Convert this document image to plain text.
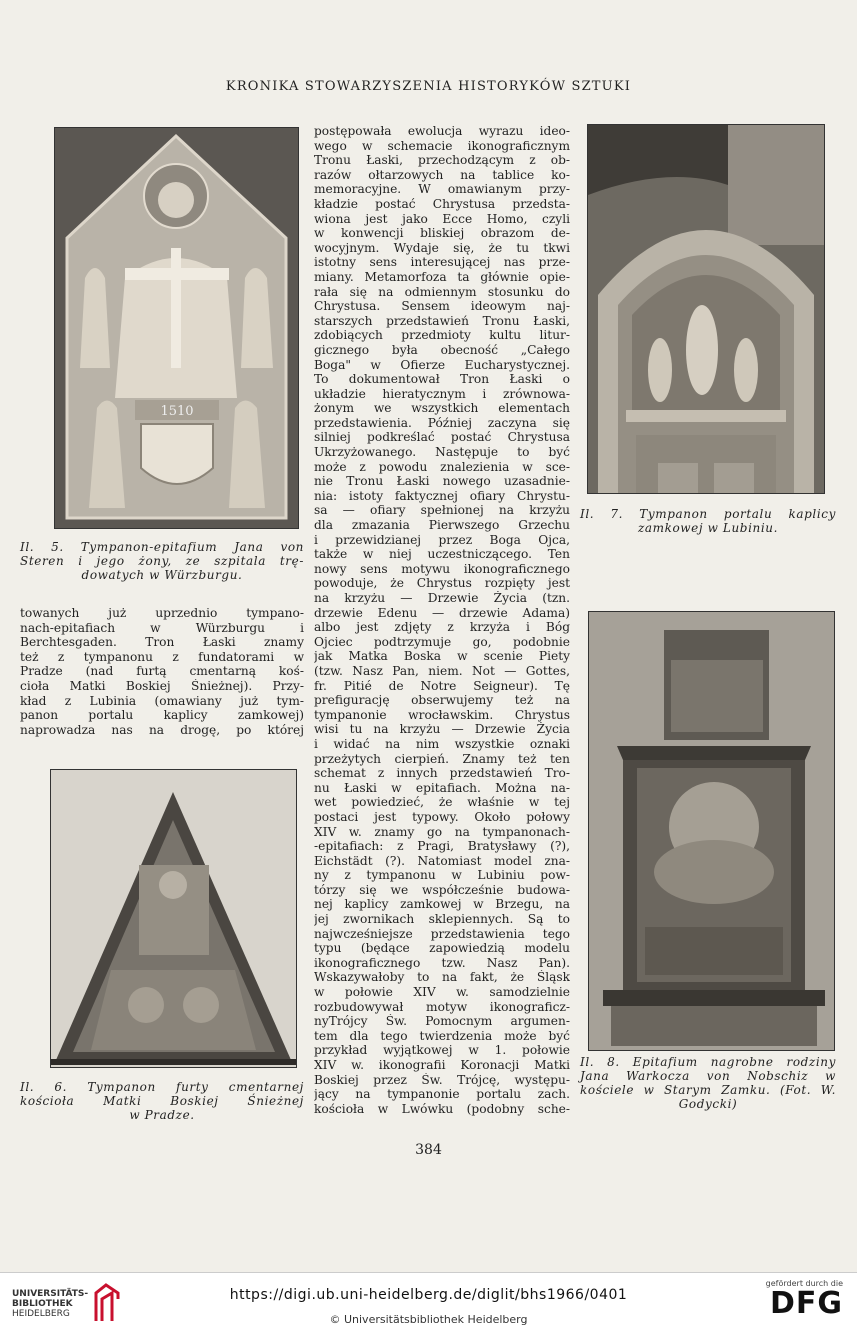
KRONIKA STOWARZYSZENIA HISTORYKÓW SZTUKI
1510
Il. 5. Tympanon-epitafium Jana von
Steren i jego żony, ze szpitala trę-
dowatych w Würzburgu.
towanych już uprzednio tympano-
nach-epitafiach w Würzburgu i
Berchtesgaden. Tron Łaski znamy
też z tympanonu z fundatorami w
Pradze (nad furtą cmentarną koś-
cioła Matki Boskiej Śnieżnej). Przy-
kład z Lubinia (omawiany już tym-
panon portalu kaplicy zamkowej)
naprowadza nas na drogę, po której
Il. 6. Tympanon furty cmentarnej
kościoła Matki Boskiej Śnieżnej
w Pradze.
postępowała ewolucja wyrazu ideo-
wego w schemacie ikonograficznym
Tronu Łaski, przechodzącym z ob-
razów ołtarzowych na tablice ko-
memoracyjne. W omawianym przy-
kładzie postać Chrystusa przedsta-
wiona jest jako Ecce Homo, czyli
w konwencji bliskiej obrazom de-
wocyjnym. Wydaje się, że tu tkwi
istotny sens interesującej nas prze-
miany. Metamorfoza ta głównie opie-
rała się na odmiennym stosunku do
Chrystusa. Sensem ideowym naj-
starszych przedstawień Tronu Łaski,
zdobiących przedmioty kultu litur-
gicznego była obecność „Całego
Boga" w Ofierze Eucharystycznej.
To dokumentował Tron Łaski o
układzie hieratycznym i zrównowa-
żonym we wszystkich elementach
przedstawienia. Później zaczyna się
silniej podkreślać postać Chrystusa
Ukrzyżowanego. Następuje to być
może z powodu znalezienia w sce-
nie Tronu Łaski nowego uzasadnie-
nia: istoty faktycznej ofiary Chrystu-
sa — ofiary spełnionej na krzyżu
dla zmazania Pierwszego Grzechu
i przewidzianej przez Boga Ojca,
także w niej uczestniczącego. Ten
nowy sens motywu ikonograficznego
powoduje, że Chrystus rozpięty jest
na krzyżu — Drzewie Życia (tzn.
drzewie Edenu — drzewie Adama)
albo jest zdjęty z krzyża i Bóg
Ojciec podtrzymuje go, podobnie
jak Matka Boska w scenie Piety
(tzw. Nasz Pan, niem. Not — Gottes,
fr. Pitié de Notre Seigneur). Tę
prefigurację obserwujemy też na
tympanonie wrocławskim. Chrystus
wisi tu na krzyżu — Drzewie Życia
i widać na nim wszystkie oznaki
przeżytych cierpień. Znamy też ten
schemat z innych przedstawień Tro-
nu Łaski w epitafiach. Można na-
wet powiedzieć, że właśnie w tej
postaci jest typowy. Około połowy
XIV w. znamy go na tympanonach-
-epitafiach: z Pragi, Bratysławy (?),
Eichstädt (?). Natomiast model zna-
ny z tympanonu w Lubiniu pow-
tórzy się we współcześnie budowa-
nej kaplicy zamkowej w Brzegu, na
jej zwornikach sklepiennych. Są to
najwcześniejsze przedstawienia tego
typu (będące zapowiedzią modelu
ikonograficznego tzw. Nasz Pan).
Wskazywałoby to na fakt, że Śląsk
w połowie XIV w. samodzielnie
rozbudowywał motyw ikonograficz-
nyTrójcy Św. Pomocnym argumen-
tem dla tego twierdzenia może być
przykład wyjątkowej w 1. połowie
XIV w. ikonografii Koronacji Matki
Boskiej przez Św. Trójcę, występu-
jący na tympanonie portalu zach.
kościoła w Lwówku (podobny sche-
Il. 7. Tympanon portalu kaplicy
zamkowej w Lubiniu.
Il. 8. Epitafium nagrobne rodziny
Jana Warkocza von Nobschiz w
kościele w Starym Zamku. (Fot. W.
Godycki)
384
UNIVERSITÄTS-
BIBLIOTHEK
HEIDELBERG
https://digi.ub.uni-heidelberg.de/diglit/bhs1966/0401
© Universitätsbibliothek Heidelberg
gefördert durch die
DFG
